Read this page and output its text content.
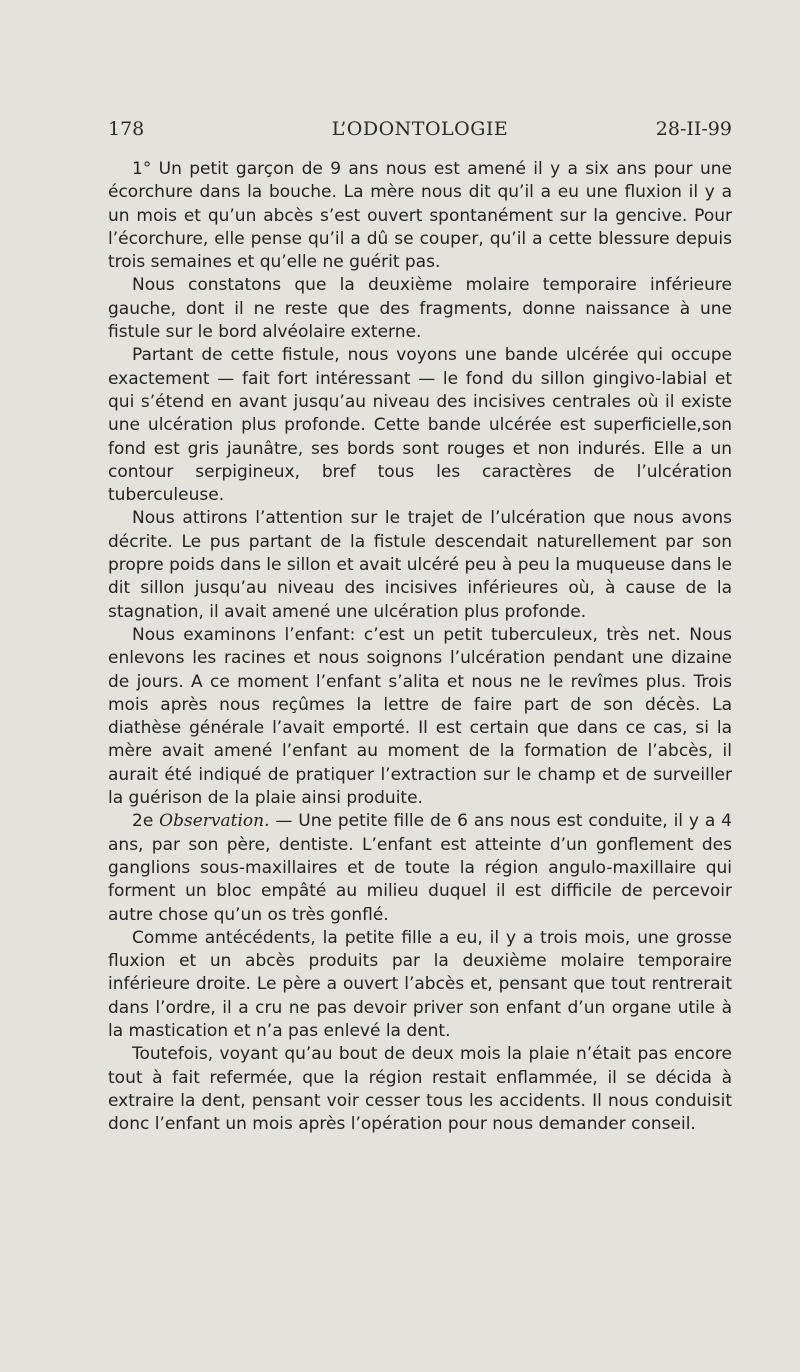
178	L’ODONTOLOGIE	28-II-99

1° Un petit garçon de 9 ans nous est amené il y a six ans pour une écorchure dans la bouche. La mère nous dit qu’il a eu une fluxion il y a un mois et qu’un abcès s’est ouvert spontanément sur la gencive. Pour l’écorchure, elle pense qu’il a dû se couper, qu’il a cette blessure depuis trois semaines et qu’elle ne guérit pas.

Nous constatons que la deuxième molaire temporaire inférieure gauche, dont il ne reste que des fragments, donne naissance à une fistule sur le bord alvéolaire externe.

Partant de cette fistule, nous voyons une bande ulcérée qui occupe exactement — fait fort intéressant — le fond du sillon gingivo-labial et qui s’étend en avant jusqu’au niveau des incisives centrales où il existe une ulcération plus profonde. Cette bande ulcérée est superficielle,son fond est gris jaunâtre, ses bords sont rouges et non indurés. Elle a un contour serpigineux, bref tous les caractères de l’ulcération tuberculeuse.

Nous attirons l’attention sur le trajet de l’ulcération que nous avons décrite. Le pus partant de la fistule descendait naturellement par son propre poids dans le sillon et avait ulcéré peu à peu la muqueuse dans le dit sillon jusqu’au niveau des incisives inférieures où, à cause de la stagnation, il avait amené une ulcération plus profonde.

Nous examinons l’enfant: c’est un petit tuberculeux, très net. Nous enlevons les racines et nous soignons l’ulcération pendant une dizaine de jours. A ce moment l’enfant s’alita et nous ne le revîmes plus. Trois mois après nous reçûmes la lettre de faire part de son décès. La diathèse générale l’avait emporté. Il est certain que dans ce cas, si la mère avait amené l’enfant au moment de la formation de l’abcès, il aurait été indiqué de pratiquer l’extraction sur le champ et de surveiller la guérison de la plaie ainsi produite.

2e Observation. — Une petite fille de 6 ans nous est conduite, il y a 4 ans, par son père, dentiste. L’enfant est atteinte d’un gonflement des ganglions sous-maxillaires et de toute la région angulo-maxillaire qui forment un bloc empâté au milieu duquel il est difficile de percevoir autre chose qu’un os très gonflé.

Comme antécédents, la petite fille a eu, il y a trois mois, une grosse fluxion et un abcès produits par la deuxième molaire temporaire inférieure droite. Le père a ouvert l’abcès et, pensant que tout rentrerait dans l’ordre, il a cru ne pas devoir priver son enfant d’un organe utile à la mastication et n’a pas enlevé la dent.

Toutefois, voyant qu’au bout de deux mois la plaie n’était pas encore tout à fait refermée, que la région restait enflammée, il se décida à extraire la dent, pensant voir cesser tous les accidents. Il nous conduisit donc l’enfant un mois après l’opération pour nous demander conseil.
